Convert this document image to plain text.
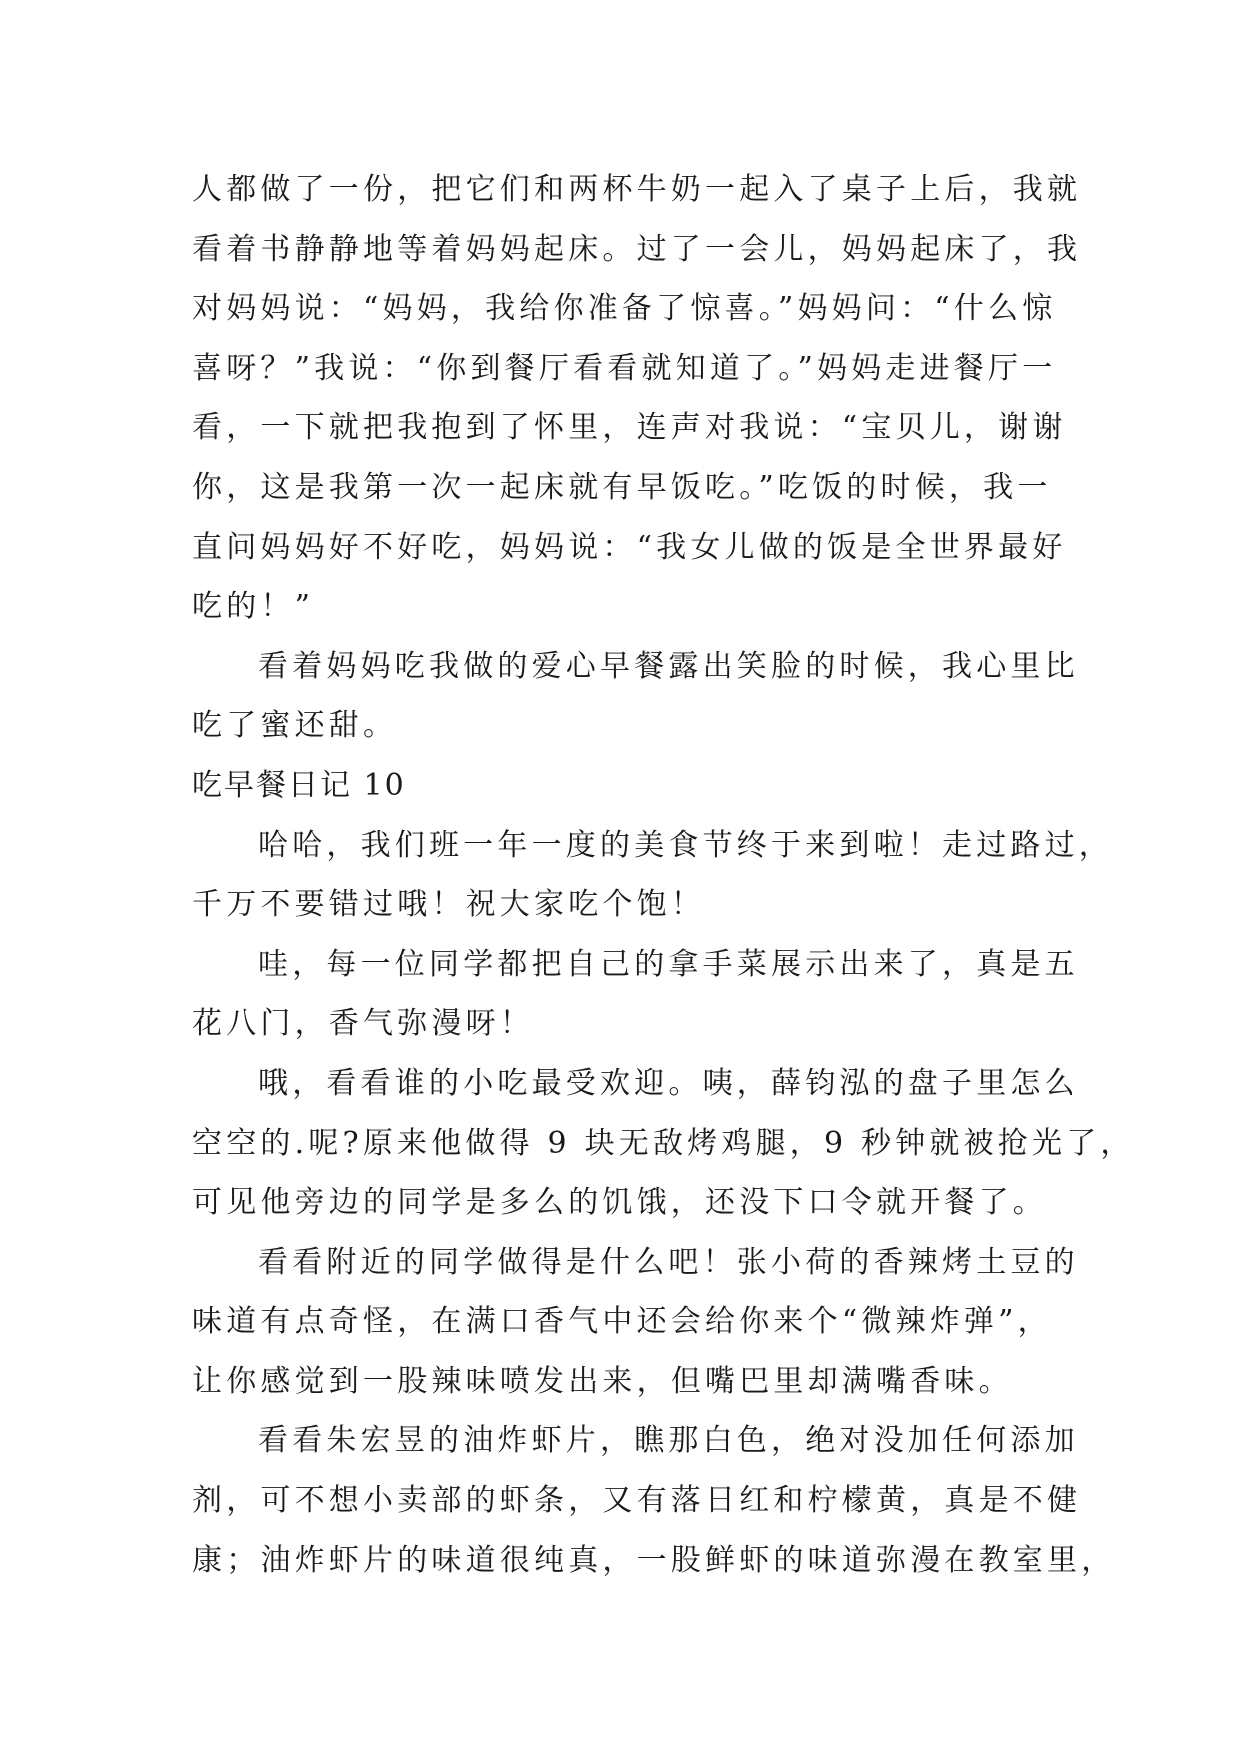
人都做了一份，把它们和两杯牛奶一起入了桌子上后，我就
看着书静静地等着妈妈起床。过了一会儿，妈妈起床了，我
对妈妈说：“妈妈，我给你准备了惊喜。”妈妈问：“什么惊
喜呀？”我说：“你到餐厅看看就知道了。”妈妈走进餐厅一
看，一下就把我抱到了怀里，连声对我说：“宝贝儿，谢谢
你，这是我第一次一起床就有早饭吃。”吃饭的时候，我一
直问妈妈好不好吃，妈妈说：“我女儿做的饭是全世界最好
吃的！”
看着妈妈吃我做的爱心早餐露出笑脸的时候，我心里比
吃了蜜还甜。
吃早餐日记 10
哈哈，我们班一年一度的美食节终于来到啦！走过路过，
千万不要错过哦！祝大家吃个饱！
哇，每一位同学都把自己的拿手菜展示出来了，真是五
花八门，香气弥漫呀！
哦，看看谁的小吃最受欢迎。咦，薛钧泓的盘子里怎么
空空的.呢?原来他做得 9 块无敌烤鸡腿，9 秒钟就被抢光了，
可见他旁边的同学是多么的饥饿，还没下口令就开餐了。
看看附近的同学做得是什么吧！张小荷的香辣烤土豆的
味道有点奇怪，在满口香气中还会给你来个“微辣炸弹”，
让你感觉到一股辣味喷发出来，但嘴巴里却满嘴香味。
看看朱宏昱的油炸虾片，瞧那白色，绝对没加任何添加
剂，可不想小卖部的虾条，又有落日红和柠檬黄，真是不健
康；油炸虾片的味道很纯真，一股鲜虾的味道弥漫在教室里，
